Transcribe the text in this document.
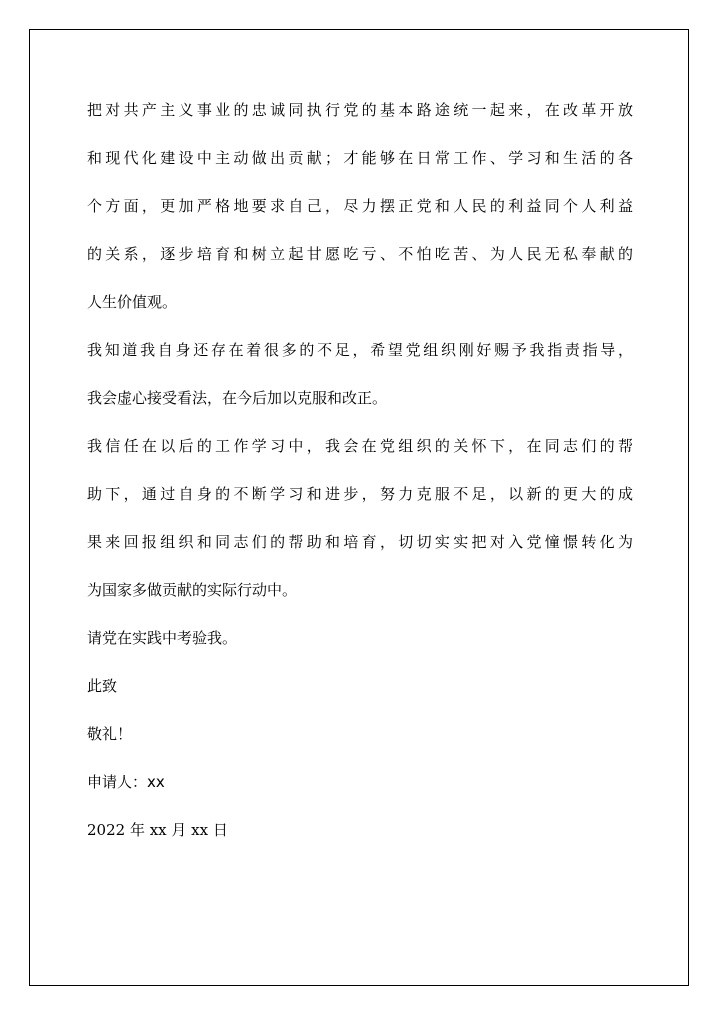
把对共产主义事业的忠诚同执行党的基本路途统一起来，在改革开放
和现代化建设中主动做出贡献；才能够在日常工作、学习和生活的各
个方面，更加严格地要求自己，尽力摆正党和人民的利益同个人利益
的关系，逐步培育和树立起甘愿吃亏、不怕吃苦、为人民无私奉献的
人生价值观。
我知道我自身还存在着很多的不足，希望党组织刚好赐予我指责指导，
我会虚心接受看法，在今后加以克服和改正。
我信任在以后的工作学习中，我会在党组织的关怀下，在同志们的帮
助下，通过自身的不断学习和进步，努力克服不足，以新的更大的成
果来回报组织和同志们的帮助和培育，切切实实把对入党憧憬转化为
为国家多做贡献的实际行动中。
请党在实践中考验我。
此致
敬礼！
申请人：xx
2022 年 xx 月 xx 日
